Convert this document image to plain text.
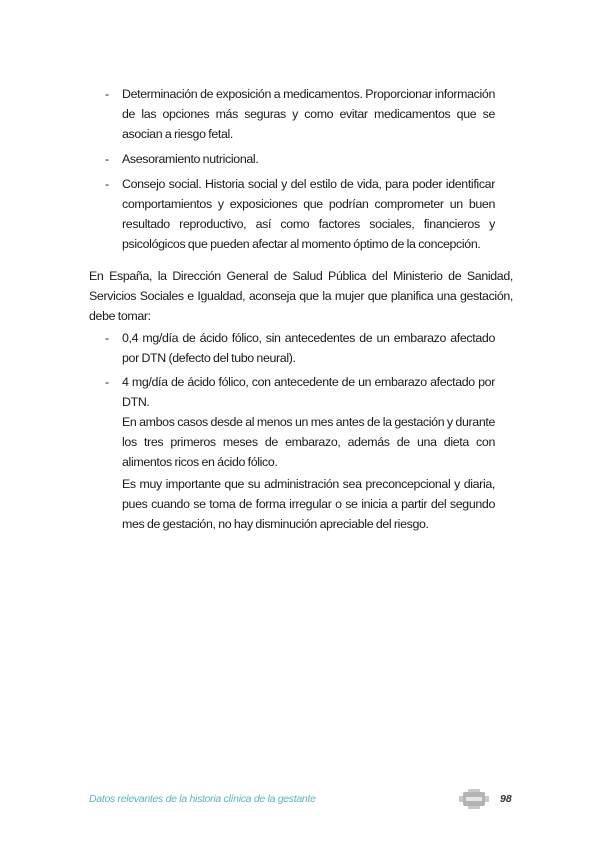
- Determinación de exposición a medicamentos. Proporcionar información de las opciones más seguras y como evitar medicamentos que se asocian a riesgo fetal.
- Asesoramiento nutricional.
- Consejo social. Historia social y del estilo de vida, para poder identificar comportamientos y exposiciones que podrían comprometer un buen resultado reproductivo, así como factores sociales, financieros y psicológicos que pueden afectar al momento óptimo de la concepción.

En España, la Dirección General de Salud Pública del Ministerio de Sanidad, Servicios Sociales e Igualdad, aconseja que la mujer que planifica una gestación, debe tomar:

- 0,4 mg/día de ácido fólico, sin antecedentes de un embarazo afectado por DTN (defecto del tubo neural).
- 4 mg/día de ácido fólico, con antecedente de un embarazo afectado por DTN.

En ambos casos desde al menos un mes antes de la gestación y durante los tres primeros meses de embarazo, además de una dieta con alimentos ricos en ácido fólico.

Es muy importante que su administración sea preconcepcional y diaria, pues cuando se toma de forma irregular o se inicia a partir del segundo mes de gestación, no hay disminución apreciable del riesgo.

Datos relevantes de la historia clínica de la gestante	98
